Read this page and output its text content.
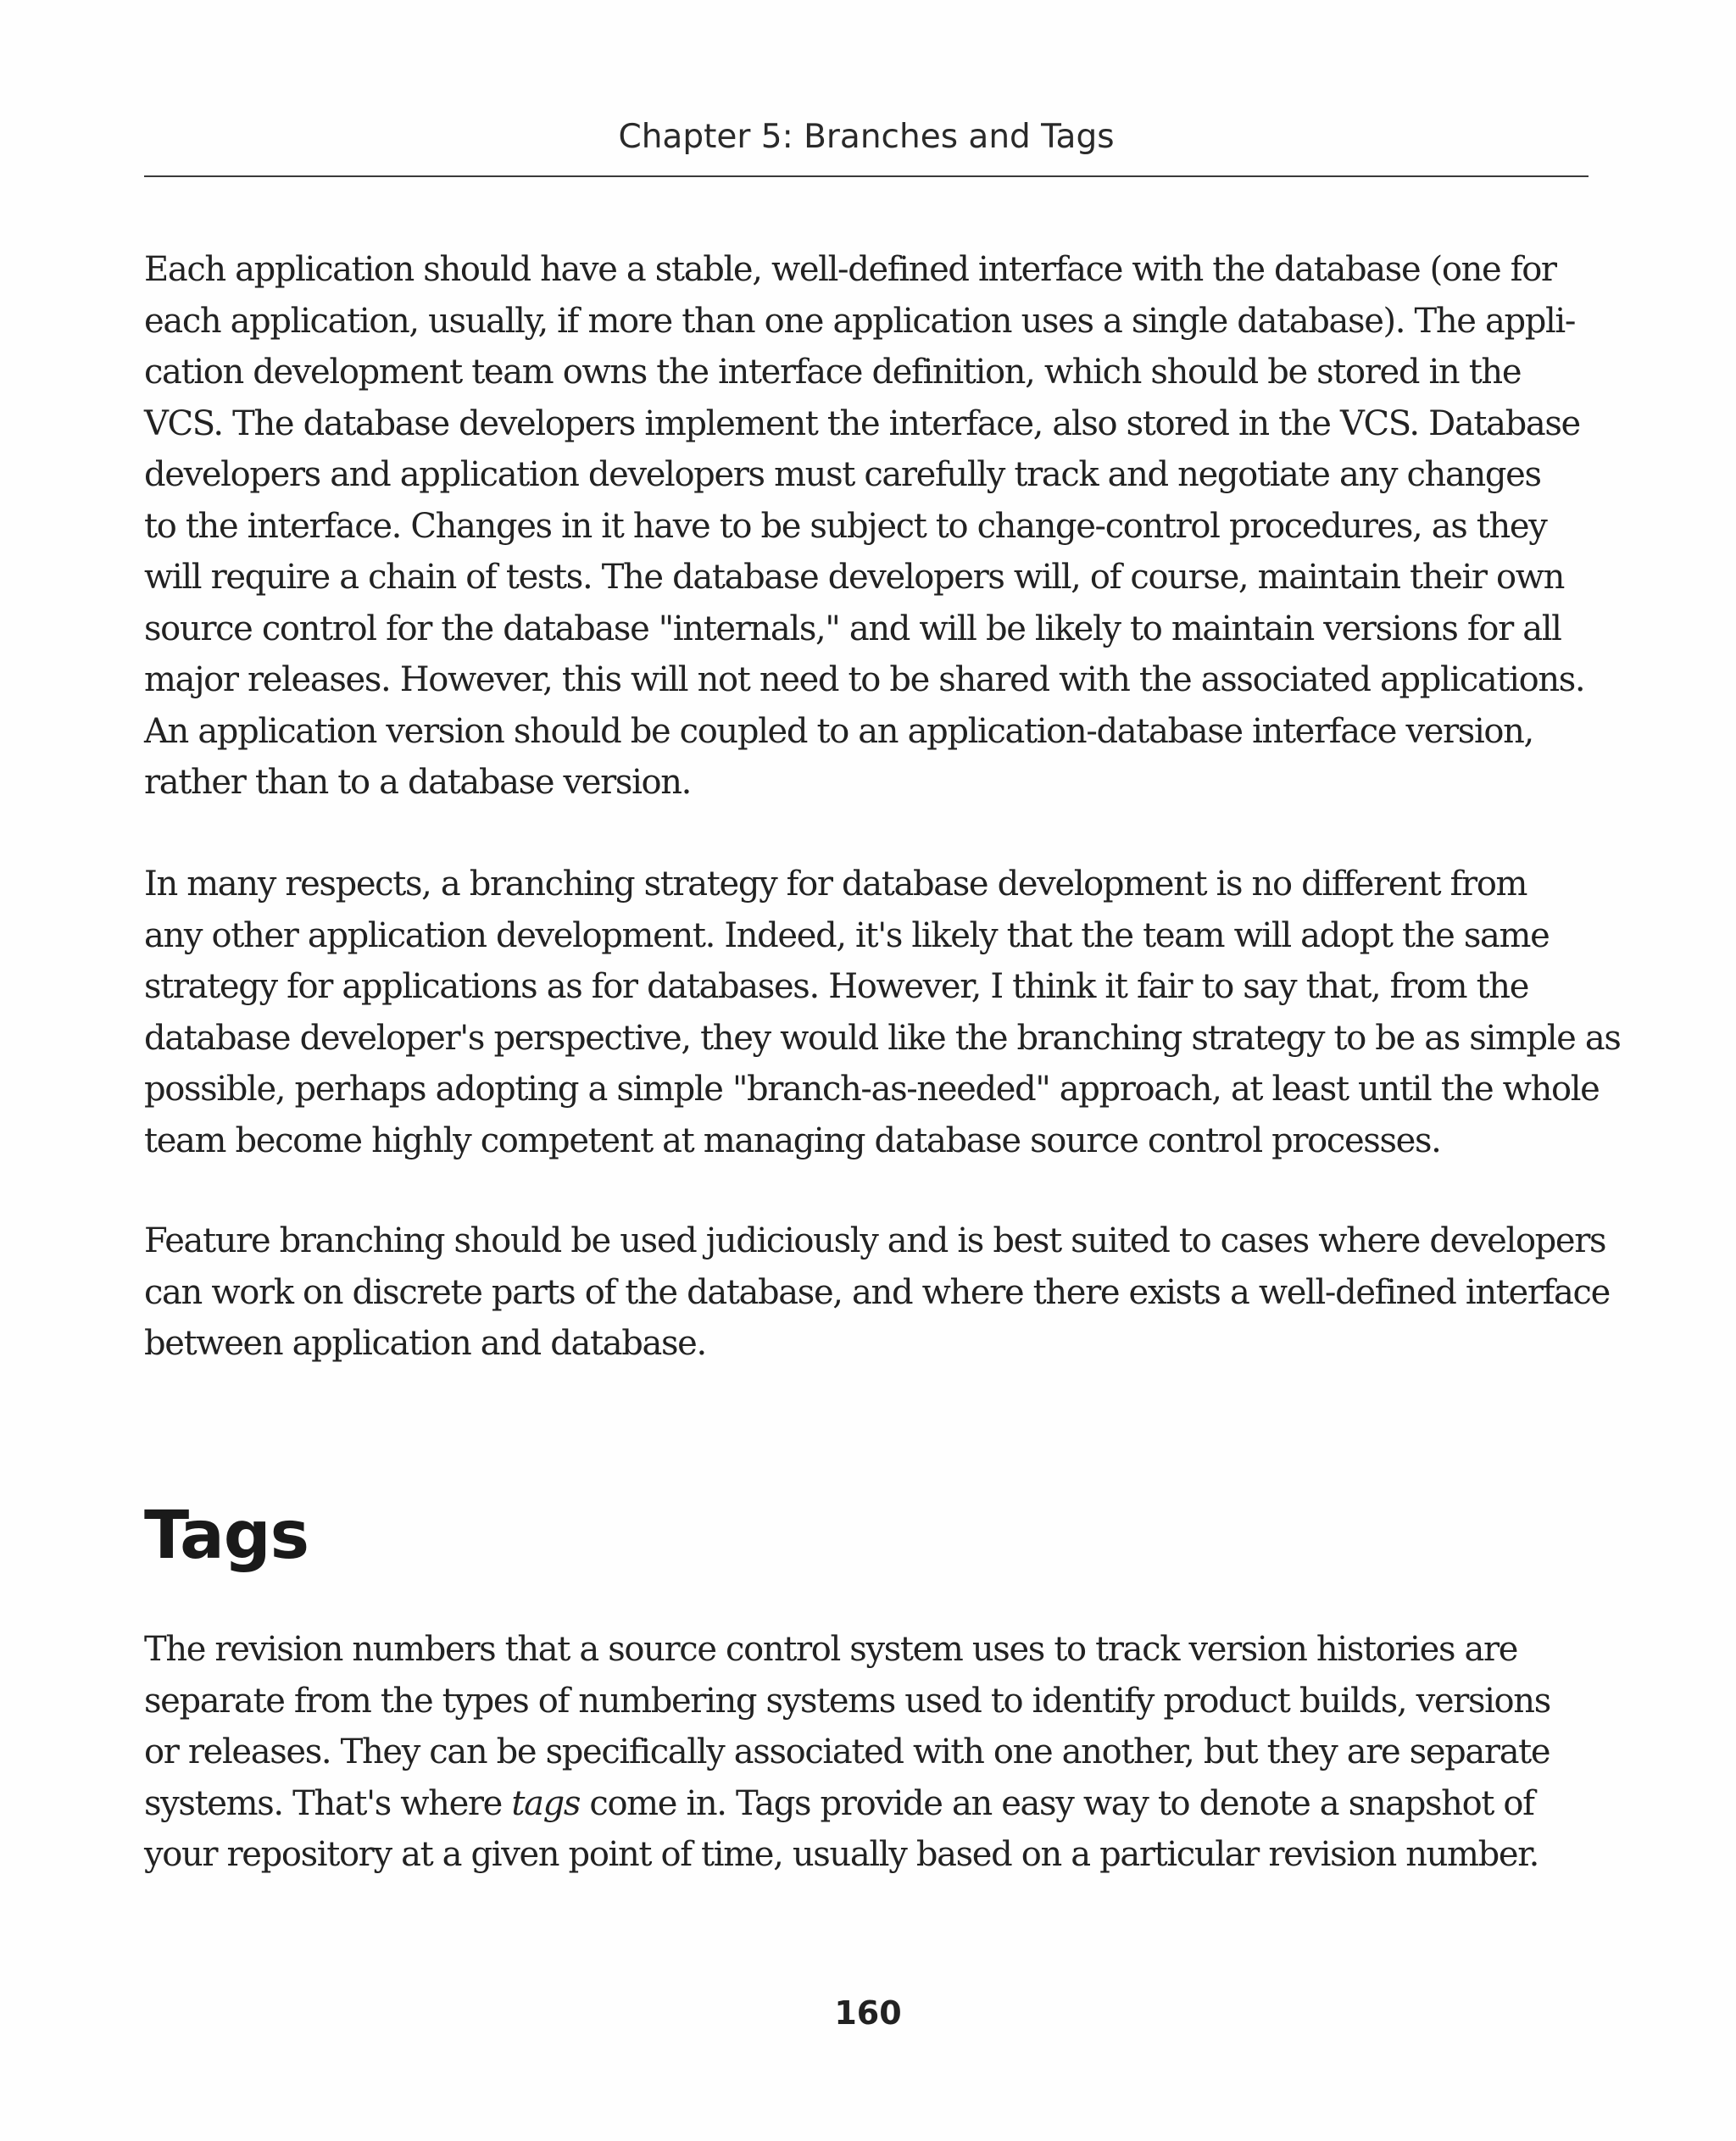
Chapter 5: Branches and Tags
Each application should have a stable, well-defined interface with the database (one for
each application, usually, if more than one application uses a single database). The appli-
cation development team owns the interface definition, which should be stored in the
VCS. The database developers implement the interface, also stored in the VCS. Database
developers and application developers must carefully track and negotiate any changes
to the interface. Changes in it have to be subject to change-control procedures, as they
will require a chain of tests. The database developers will, of course, maintain their own
source control for the database "internals," and will be likely to maintain versions for all
major releases. However, this will not need to be shared with the associated applications.
An application version should be coupled to an application-database interface version,
rather than to a database version.
In many respects, a branching strategy for database development is no different from
any other application development. Indeed, it's likely that the team will adopt the same
strategy for applications as for databases. However, I think it fair to say that, from the
database developer's perspective, they would like the branching strategy to be as simple as
possible, perhaps adopting a simple "branch-as-needed" approach, at least until the whole
team become highly competent at managing database source control processes.
Feature branching should be used judiciously and is best suited to cases where developers
can work on discrete parts of the database, and where there exists a well-defined interface
between application and database.
Tags
The revision numbers that a source control system uses to track version histories are
separate from the types of numbering systems used to identify product builds, versions
or releases. They can be specifically associated with one another, but they are separate
systems. That's where tags come in. Tags provide an easy way to denote a snapshot of
your repository at a given point of time, usually based on a particular revision number.
160
